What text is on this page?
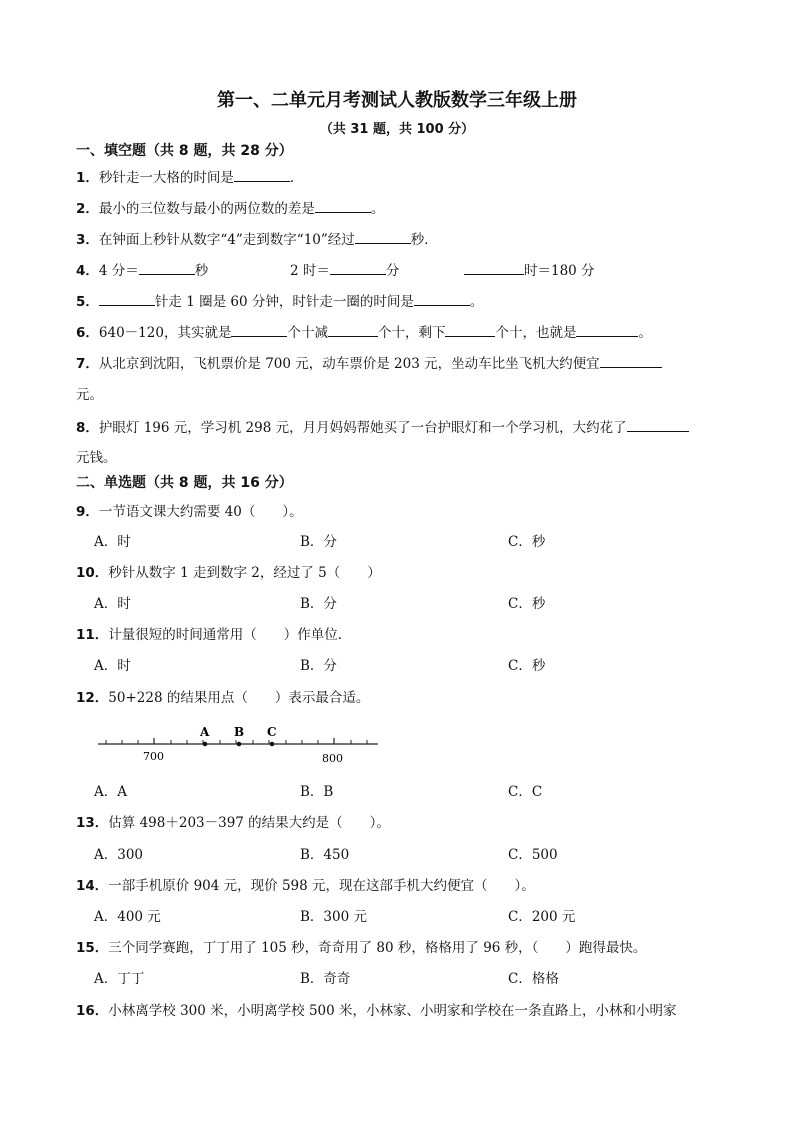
第一、二单元月考测试人教版数学三年级上册
（共 31 题，共 100 分）
一、填空题（共 8 题，共 28 分）
1．秒针走一大格的时间是	．
2．最小的三位数与最小的两位数的差是	。
3．在钟面上秒针从数字“4”走到数字“10”经过	秒．
4．4 分＝	秒	2 时＝	分	时＝180 分
5．	针走 1 圈是 60 分钟，时针走一圈的时间是	。
6．640－120，其实就是	个十减	个十，剩下	个十，也就是	。
7．从北京到沈阳，飞机票价是 700 元，动车票价是 203 元，坐动车比坐飞机大约便宜
元。
8．护眼灯 196 元，学习机 298 元，月月妈妈帮她买了一台护眼灯和一个学习机，大约花了
元钱。
二、单选题（共 8 题，共 16 分）
9．一节语文课大约需要 40（　　）。
A．时	B．分	C．秒
10．秒针从数字 1 走到数字 2，经过了 5（　　）
A．时	B．分	C．秒
11．计量很短的时间通常用（　　）作单位.
A．时	B．分	C．秒
12．50+228 的结果用点（　　）表示最合适。
A B C
700	800
A．A	B．B	C．C
13．估算 498＋203－397 的结果大约是（　　）。
A．300	B．450	C．500
14．一部手机原价 904 元，现价 598 元，现在这部手机大约便宜（　　）。
A．400 元	B．300 元	C．200 元
15．三个同学赛跑，丁丁用了 105 秒，奇奇用了 80 秒，格格用了 96 秒，（　　）跑得最快。
A．丁丁	B．奇奇	C．格格
16．小林离学校 300 米，小明离学校 500 米，小林家、小明家和学校在一条直路上，小林和小明家
